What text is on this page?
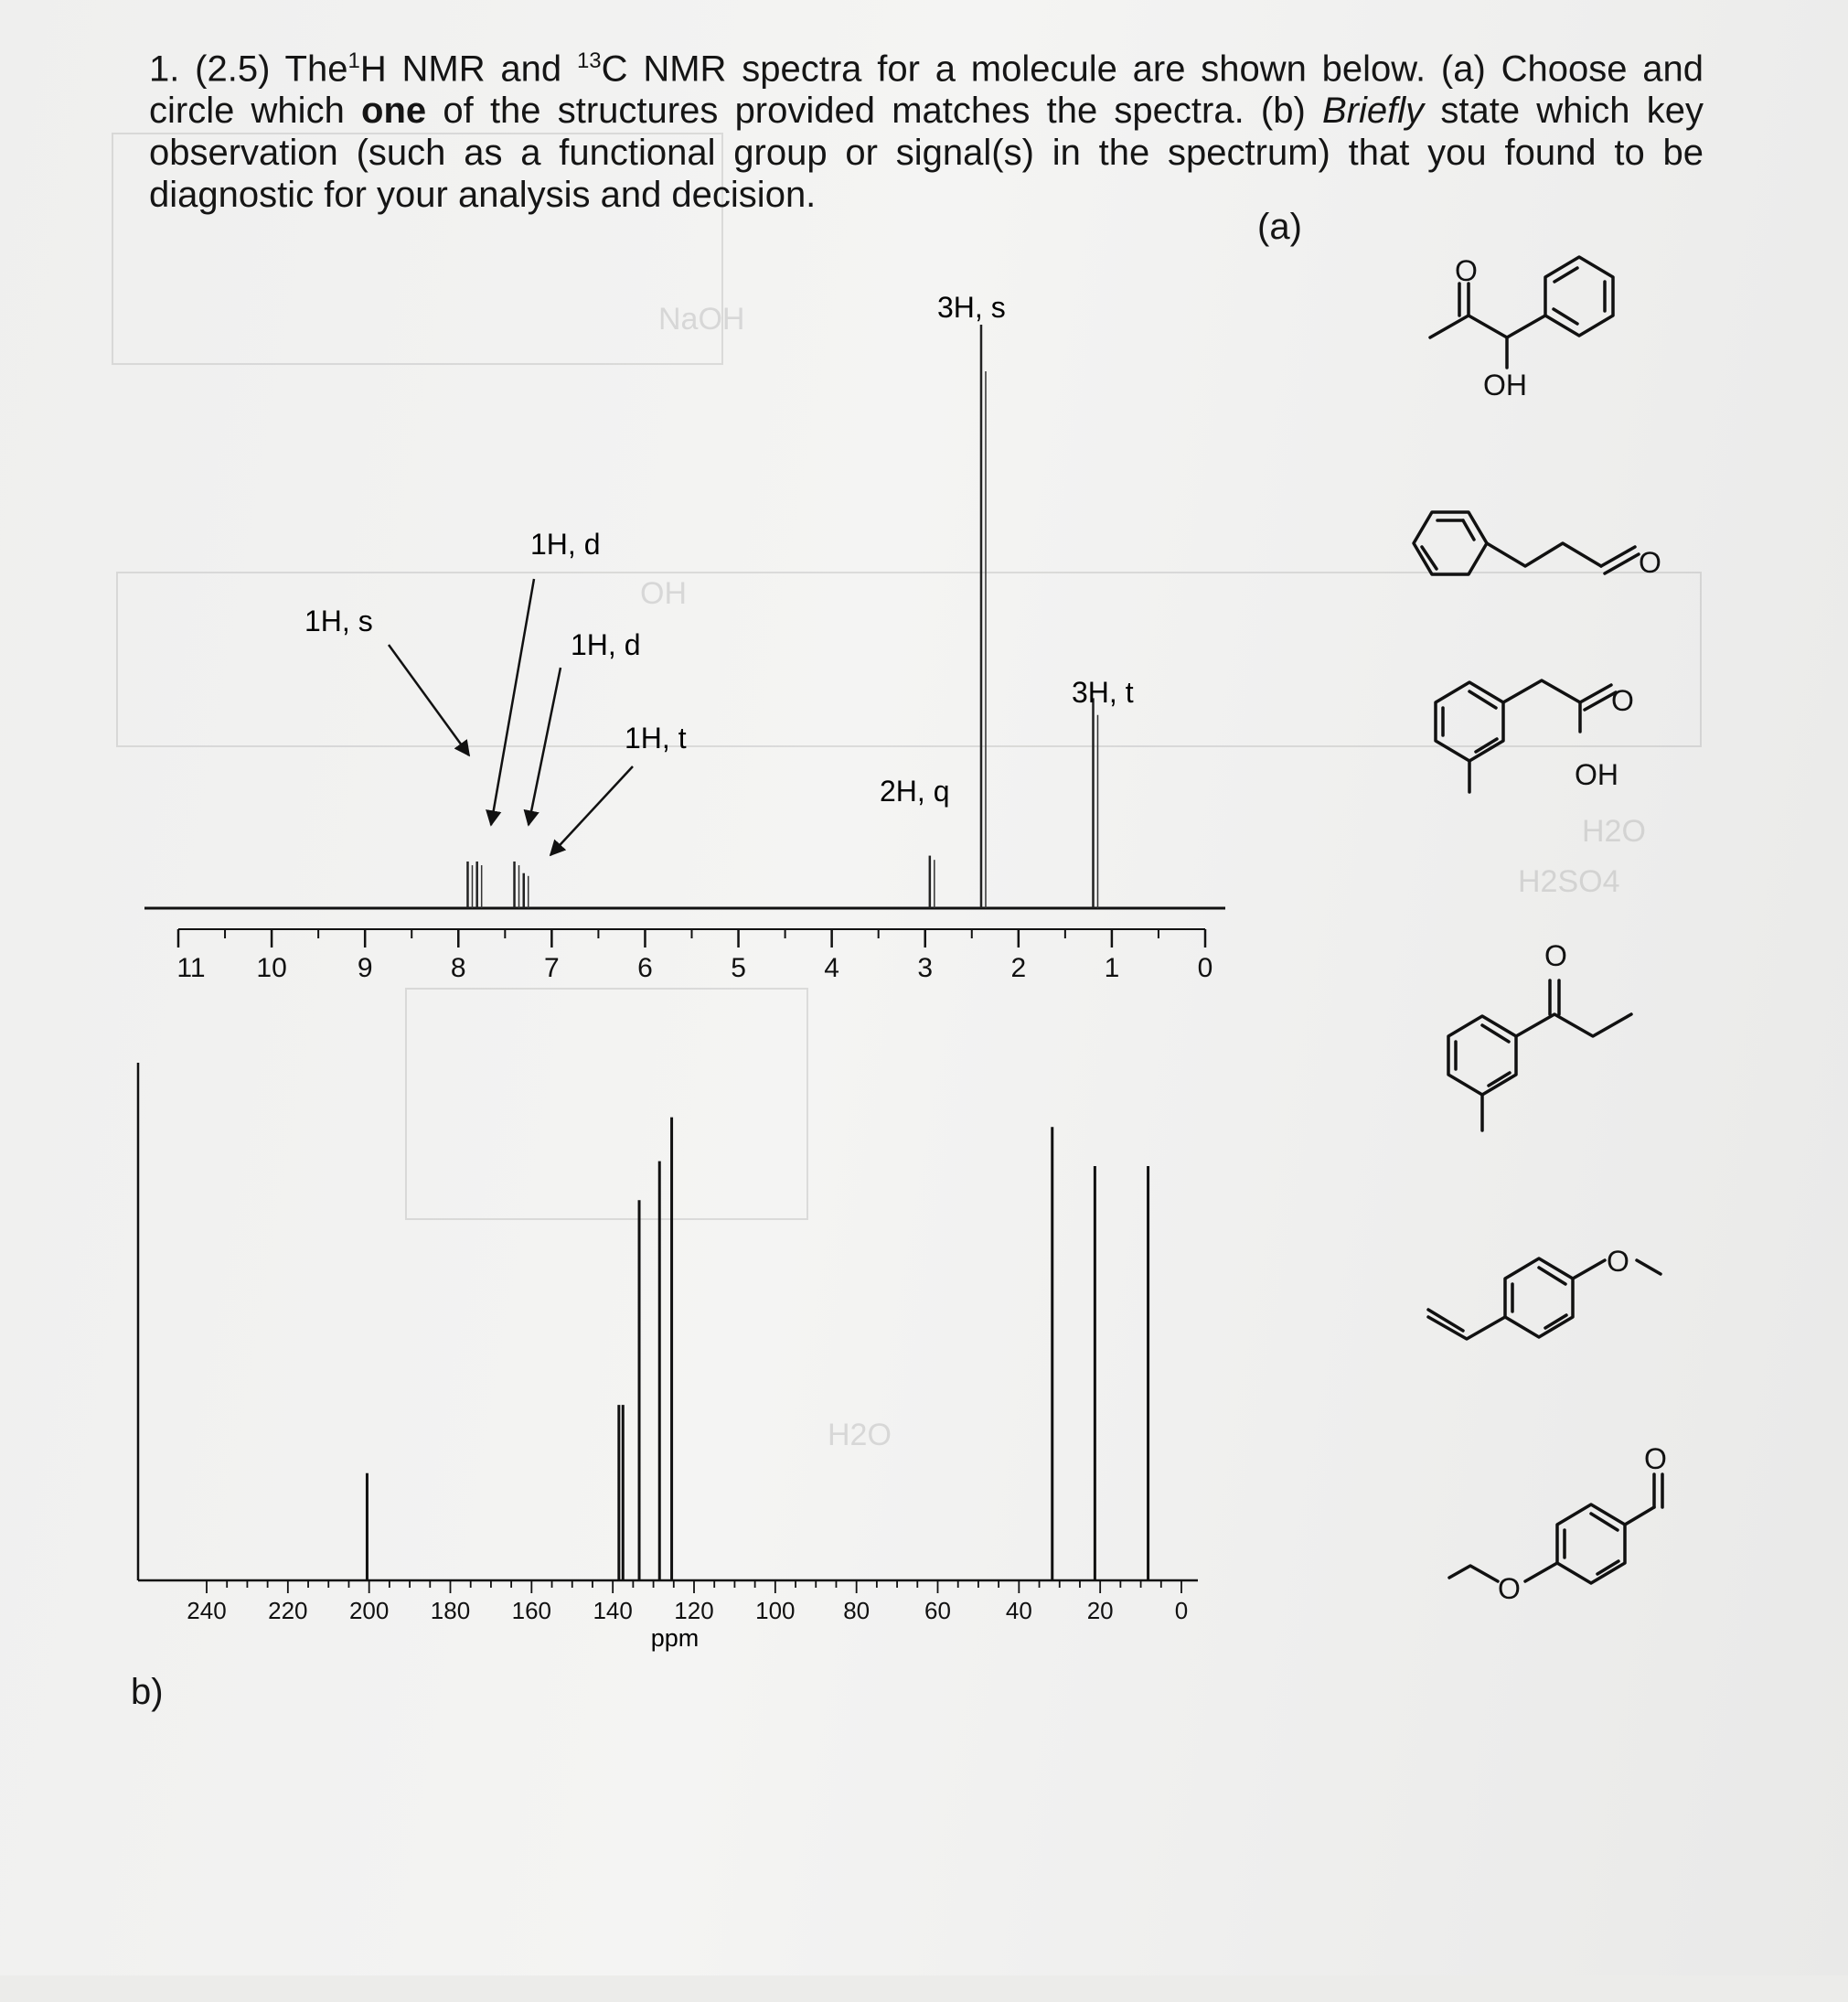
H2O
H2SO4
H2O
OH
NaOH
1. (2.5) The$^1$H NMR and $^{13}$C NMR spectra for a molecule are shown below. (a) Choose and circle which one of the structures provided matches the spectra. (b) Briefly state which key observation (such as a functional group or signal(s) in the spectrum) that you found to be diagnostic for your analysis and decision.
(a)
b)
11 10	9	8	7	6	5	4	3	2	1	0
3H, s
3H, t
2H, q
1H, s
1H, d
1H, d
1H, t
240 220 200 180 160 140 120 100 80 60 40 20	0
ppm
O
OH
O
O
OH
O
O
O
O
